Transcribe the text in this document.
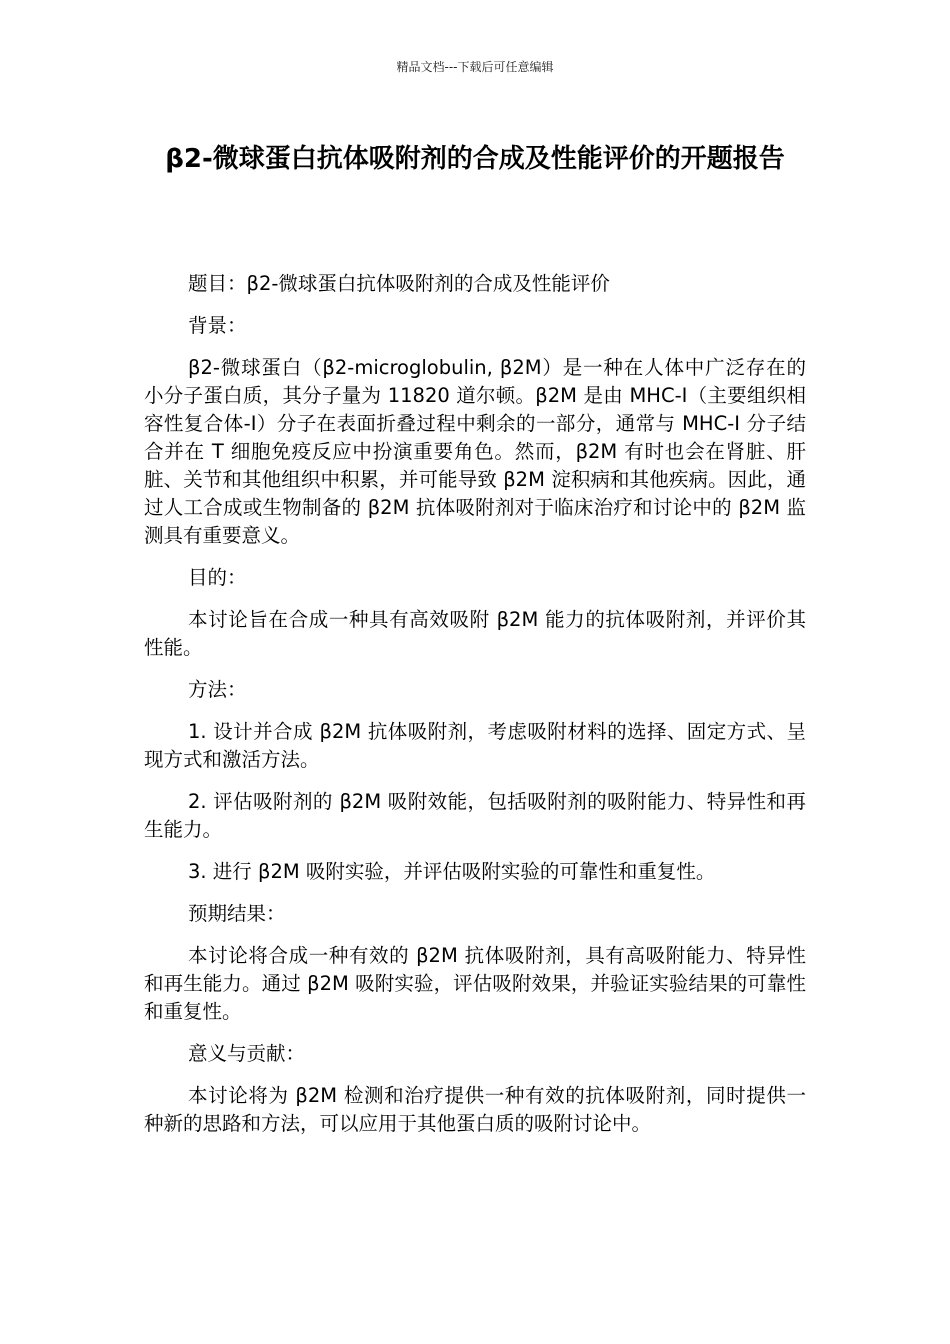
精品文档---下载后可任意编辑
β2-微球蛋白抗体吸附剂的合成及性能评价的开题报告

题目：β2-微球蛋白抗体吸附剂的合成及性能评价

背景：

β2-微球蛋白（β2-microglobulin, β2M）是一种在人体中广泛存在的小分子蛋白质，其分子量为 11820 道尔顿。β2M 是由 MHC-I（主要组织相容性复合体-I）分子在表面折叠过程中剩余的一部分，通常与 MHC-I 分子结合并在 T 细胞免疫反应中扮演重要角色。然而，β2M 有时也会在肾脏、肝脏、关节和其他组织中积累，并可能导致 β2M 淀积病和其他疾病。因此，通过人工合成或生物制备的 β2M 抗体吸附剂对于临床治疗和讨论中的 β2M 监测具有重要意义。

目的：

本讨论旨在合成一种具有高效吸附 β2M 能力的抗体吸附剂，并评价其性能。

方法：

1. 设计并合成 β2M 抗体吸附剂，考虑吸附材料的选择、固定方式、呈现方式和激活方法。

2. 评估吸附剂的 β2M 吸附效能，包括吸附剂的吸附能力、特异性和再生能力。

3. 进行 β2M 吸附实验，并评估吸附实验的可靠性和重复性。

预期结果：

本讨论将合成一种有效的 β2M 抗体吸附剂，具有高吸附能力、特异性和再生能力。通过 β2M 吸附实验，评估吸附效果，并验证实验结果的可靠性和重复性。

意义与贡献：

本讨论将为 β2M 检测和治疗提供一种有效的抗体吸附剂，同时提供一种新的思路和方法，可以应用于其他蛋白质的吸附讨论中。
